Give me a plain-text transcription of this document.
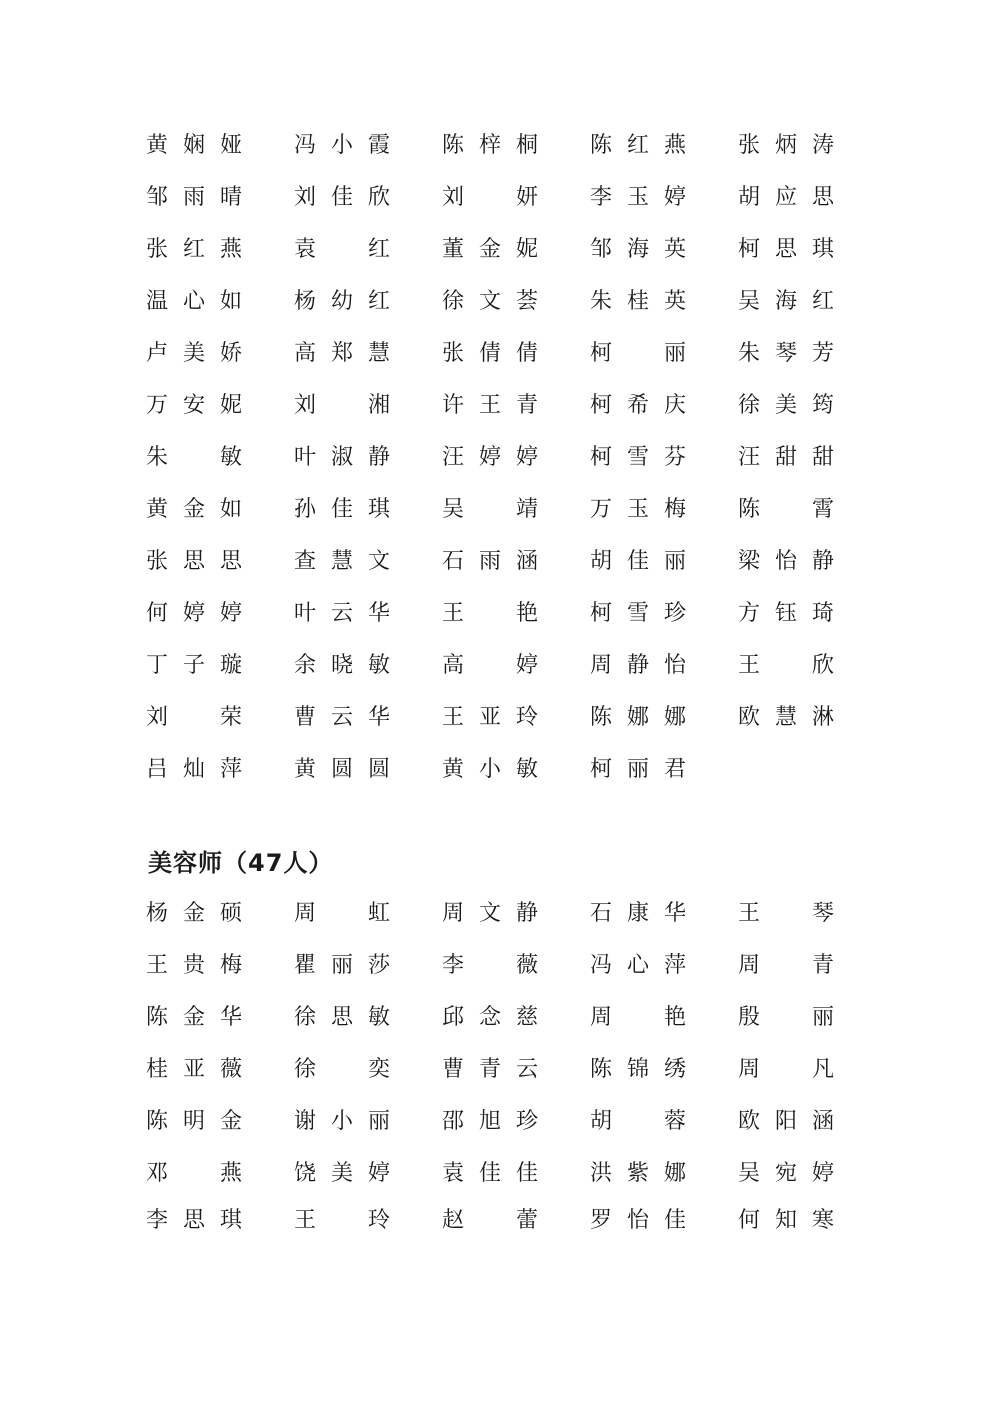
黄 娴 娅 冯 小 霞 陈 梓 桐 陈 红 燕 张 炳 涛
邹 雨 晴 刘 佳 欣 刘 妍 李 玉 婷 胡 应 思
张 红 燕 袁 红 董 金 妮 邹 海 英 柯 思 琪
温 心 如 杨 幼 红 徐 文 荟 朱 桂 英 吴 海 红
卢 美 娇 高 郑 慧 张 倩 倩 柯 丽 朱 琴 芳
万 安 妮 刘 湘 许 王 青 柯 希 庆 徐 美 筠
朱 敏 叶 淑 静 汪 婷 婷 柯 雪 芬 汪 甜 甜
黄 金 如 孙 佳 琪 吴 靖 万 玉 梅 陈 霄
张 思 思 查 慧 文 石 雨 涵 胡 佳 丽 梁 怡 静
何 婷 婷 叶 云 华 王 艳 柯 雪 珍 方 钰 琦
丁 子 璇 余 晓 敏 高 婷 周 静 怡 王 欣
刘 荣 曹 云 华 王 亚 玲 陈 娜 娜 欧 慧 淋
吕 灿 萍 黄 圆 圆 黄 小 敏 柯 丽 君
美容师（47人）
杨 金 硕 周 虹 周 文 静 石 康 华 王 琴
王 贵 梅 瞿 丽 莎 李 薇 冯 心 萍 周 青
陈 金 华 徐 思 敏 邱 念 慈 周 艳 殷 丽
桂 亚 薇 徐 奕 曹 青 云 陈 锦 绣 周 凡
陈 明 金 谢 小 丽 邵 旭 珍 胡 蓉 欧 阳 涵
邓 燕 饶 美 婷 袁 佳 佳 洪 紫 娜 吴 宛 婷
李 思 琪 王 玲 赵 蕾 罗 怡 佳 何 知 寒
